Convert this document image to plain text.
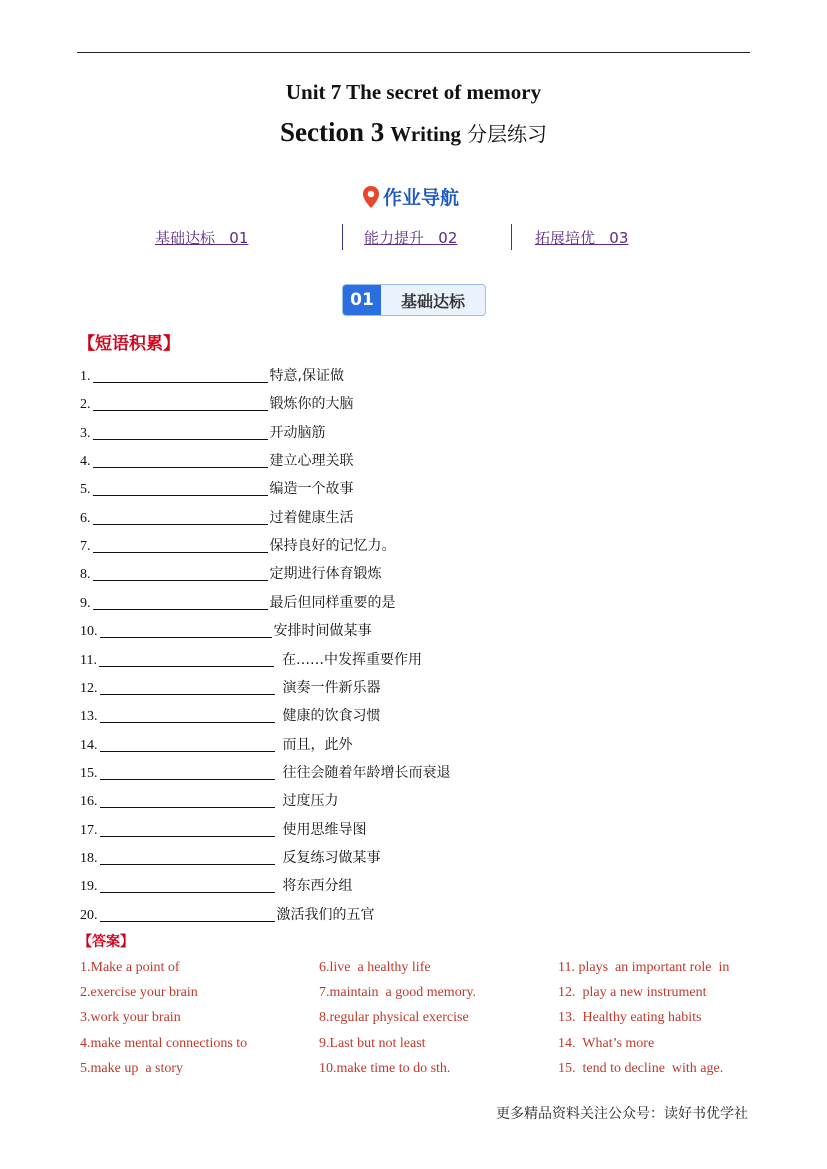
Unit 7 The secret of memory
Section 3 Writing 分层练习
作业导航
基础达标   01	能力提升   02	拓展培优   03
01	基础达标
【短语积累】
1.	特意,保证做
2.	锻炼你的大脑
3.	开动脑筋
4.	建立心理关联
5.	编造一个故事
6.	过着健康生活
7.	保持良好的记忆力。
8.	定期进行体育锻炼
9.	最后但同样重要的是
10.	安排时间做某事
11.	在……中发挥重要作用
12.	演奏一件新乐器
13.	健康的饮食习惯
14.	而且，此外
15.	往往会随着年龄增长而衰退
16.	过度压力
17.	使用思维导图
18.	反复练习做某事
19.	将东西分组
20.	激活我们的五官
【答案】
1.Make a point of
2.exercise your brain
3.work your brain
4.make mental connections to
5.make up  a story
6.live  a healthy life
7.maintain  a good memory.
8.regular physical exercise
9.Last but not least
10.make time to do sth.
11. plays  an important role  in
12.  play a new instrument
13.  Healthy eating habits
14.  What’s more
15.  tend to decline  with age.
更多精品资料关注公众号：读好书优学社
